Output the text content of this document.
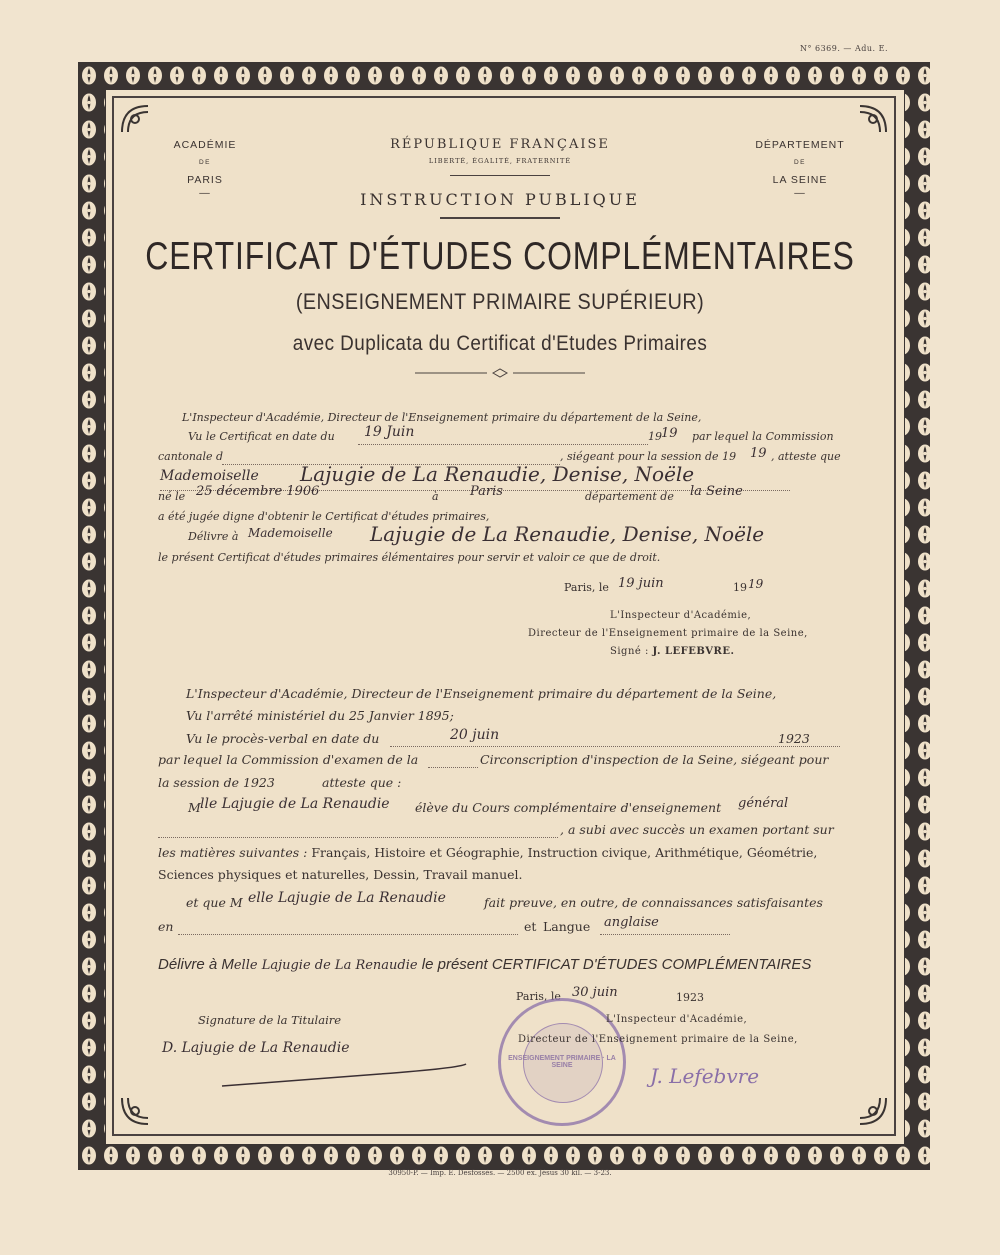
N° 6369. — Adu. E.
ACADÉMIE
DE
PARIS
—
DÉPARTEMENT
DE
LA SEINE
—
RÉPUBLIQUE FRANÇAISE
LIBERTÉ, ÉGALITÉ, FRATERNITÉ
INSTRUCTION PUBLIQUE
CERTIFICAT D'ÉTUDES COMPLÉMENTAIRES
(ENSEIGNEMENT PRIMAIRE SUPÉRIEUR)
avec Duplicata du Certificat d'Etudes Primaires
L'Inspecteur d'Académie, Directeur de l'Enseignement primaire du département de la Seine,
Vu le Certificat en date du 19 Juin	19 19 par lequel la Commission
cantonale d	, siégeant pour la session de 19 19 , atteste que
Mademoiselle Lajugie de La Renaudie, Denise, Noële
né le 25 décembre 1906	à Paris	département de la Seine
a été jugée digne d'obtenir le Certificat d'études primaires,
Délivre à Mademoiselle Lajugie de La Renaudie, Denise, Noële
le présent Certificat d'études primaires élémentaires pour servir et valoir ce que de droit.
Paris, le 19 juin	19 19
L'Inspecteur d'Académie,
Directeur de l'Enseignement primaire de la Seine,
Signé : J. LEFEBVRE.
L'Inspecteur d'Académie, Directeur de l'Enseignement primaire du département de la Seine,
Vu l'arrêté ministériel du 25 Janvier 1895;
Vu le procès-verbal en date du	20 juin	1923
par lequel la Commission d'examen de la	Circonscription d'inspection de la Seine, siégeant pour
la session de 1923	atteste que :
M lle Lajugie de La Renaudie élève du Cours complémentaire d'enseignement général
, a subi avec succès un examen portant sur
les matières suivantes : Français, Histoire et Géographie, Instruction civique, Arithmétique, Géométrie,
Sciences physiques et naturelles, Dessin, Travail manuel.
et que M elle Lajugie de La Renaudie	fait preuve, en outre, de connaissances satisfaisantes
en	et Langue anglaise
Délivre à Melle Lajugie de La Renaudie le présent CERTIFICAT D'ÉTUDES COMPLÉMENTAIRES
Paris, le 30 juin	1923
Signature de la Titulaire
D. Lajugie de La Renaudie
ENSEIGNEMENT PRIMAIRE · LA SEINE
L'Inspecteur d'Académie,
Directeur de l'Enseignement primaire de la Seine,
J. Lefebvre
30950-P. — Imp. E. Desfossés. — 2500 ex. Jésus 30 kil. — 3-23.
